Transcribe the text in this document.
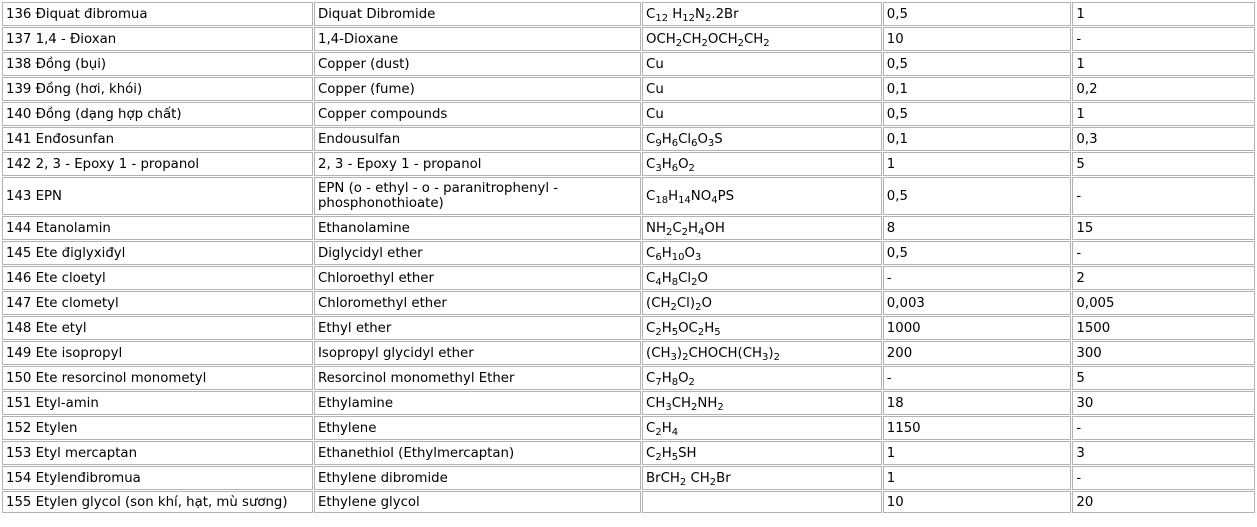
136 Điquat đibromua	Diquat Dibromide	$C_{12}$ $H_{12}N_2.2Br$	0,5	1
137 1,4 - Đioxan	1,4-Dioxane	$OCH_2CH_2OCH_2CH_2$	10	-
138 Đồng (bụi)	Copper (dust)	Cu	0,5	1
139 Đồng (hơi, khói)	Copper (fume)	Cu	0,1	0,2
140 Đồng (dạng hợp chất)	Copper compounds	Cu	0,5	1
141 Enđosunfan	Endousulfan	$C_9H_6Cl_6O_3S$	0,1	0,3
142 2, 3 - Epoxy 1 - propanol	2, 3 - Epoxy 1 - propanol	$C_3H_6O_2$	1	5
143 EPN	EPN (o - ethyl - o - paranitrophenyl - phosphonothioate)	$C_{18}H_{14}NO_4PS$	0,5	-
144 Etanolamin	Ethanolamine	$NH_2C_2H_4OH$	8	15
145 Ete điglyxiđyl	Diglycidyl ether	$C_6H_{10}O_3$	0,5	-
146 Ete cloetyl	Chloroethyl ether	$C_4H_8Cl_2O$	-	2
147 Ete clometyl	Chloromethyl ether	$(CH_2Cl)_2O$	0,003	0,005
148 Ete etyl	Ethyl ether	$C_2H_5OC_2H_5$	1000	1500
149 Ete isopropyl	Isopropyl glycidyl ether	$(CH_3)_2CHOCH(CH_3)_2$	200	300
150 Ete resorcinol monometyl	Resorcinol monomethyl Ether	$C_7H_8O_2$	-	5
151 Etyl-amin	Ethylamine	$CH_3CH_2NH_2$	18	30
152 Etylen	Ethylene	$C_2H_4$	1150	-
153 Etyl mercaptan	Ethanethiol (Ethylmercaptan)	$C_2H_5SH$	1	3
154 Etylenđibromua	Ethylene dibromide	BrCH$_2$ $CH_2Br$	1	-
155 Etylen glycol (son khí, hạt, mù sương)	Ethylene glycol		10	20
